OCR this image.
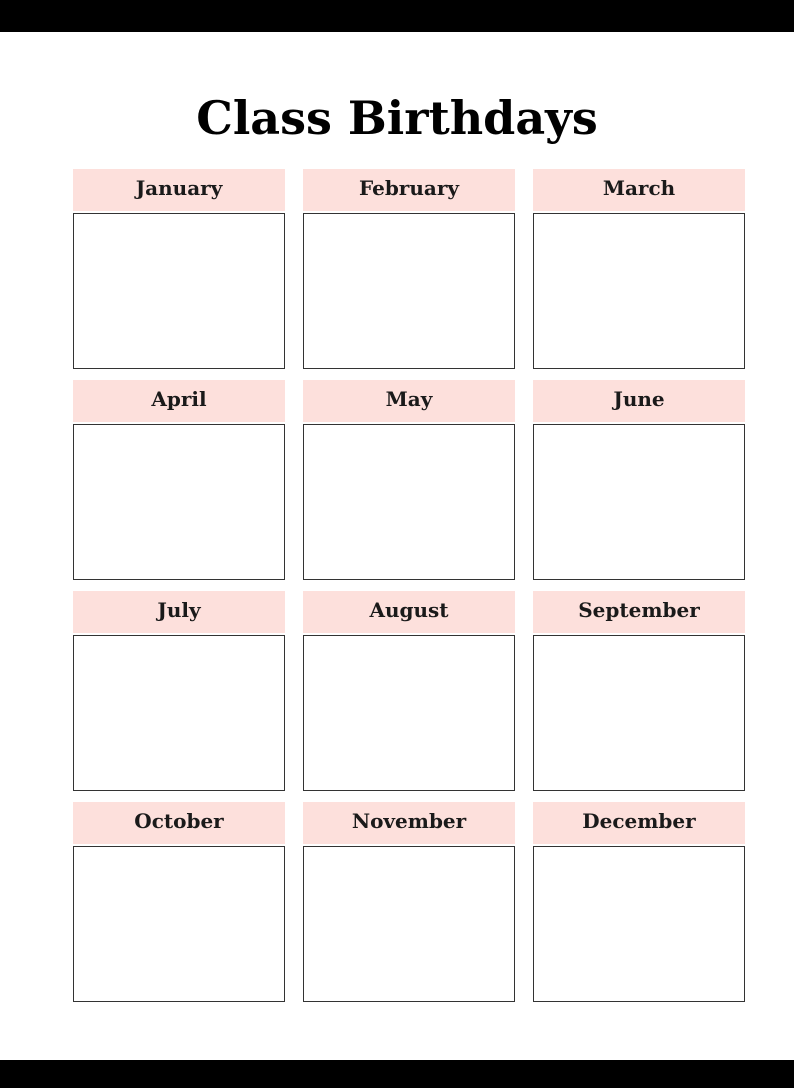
Class Birthdays
January	February	March
April	May	June
July	August	September
October	November	December
